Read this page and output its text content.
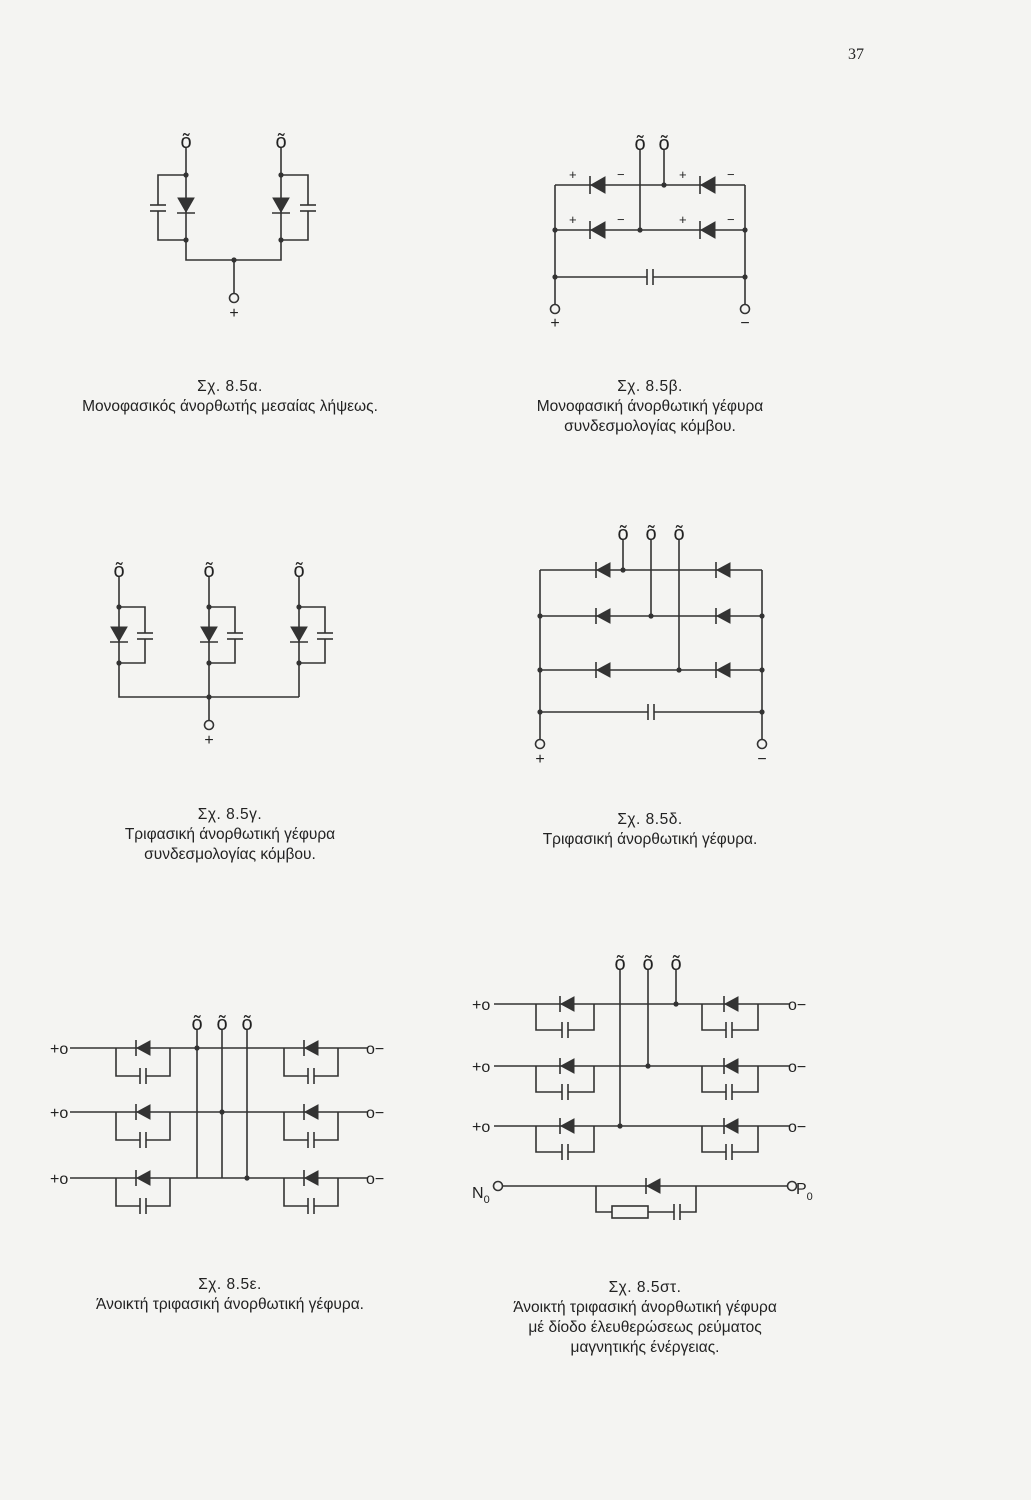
37
õ	õ
+
Σχ. 8.5α.
Μονοφασικός άνορθωτής μεσαίας λήψεως.
õ õ
+	−	+	−
+	−	+	−
+	−
Σχ. 8.5β.
Μονοφασική άνορθωτική γέφυρα
συνδεσμολογίας κόμβου.
õ	õ	õ
+
Σχ. 8.5γ.
Τριφασική άνορθωτική γέφυρα
συνδεσμολογίας κόμβου.
õ õ õ
+	−
Σχ. 8.5δ.
Τριφασική άνορθωτική γέφυρα.
õ õ õ
+o	o−
+o	o−
+o	o−
Σχ. 8.5ε.
Άνοικτή τριφασική άνορθωτική γέφυρα.
õ õ õ
+o	o−
+o	o−
+o	o−
$N_0$
$P_0$
Σχ. 8.5στ.
Άνοικτή τριφασική άνορθωτική γέφυρα
μέ δίοδο έλευθερώσεως ρεύματος
μαγνητικής ένέργειας.
